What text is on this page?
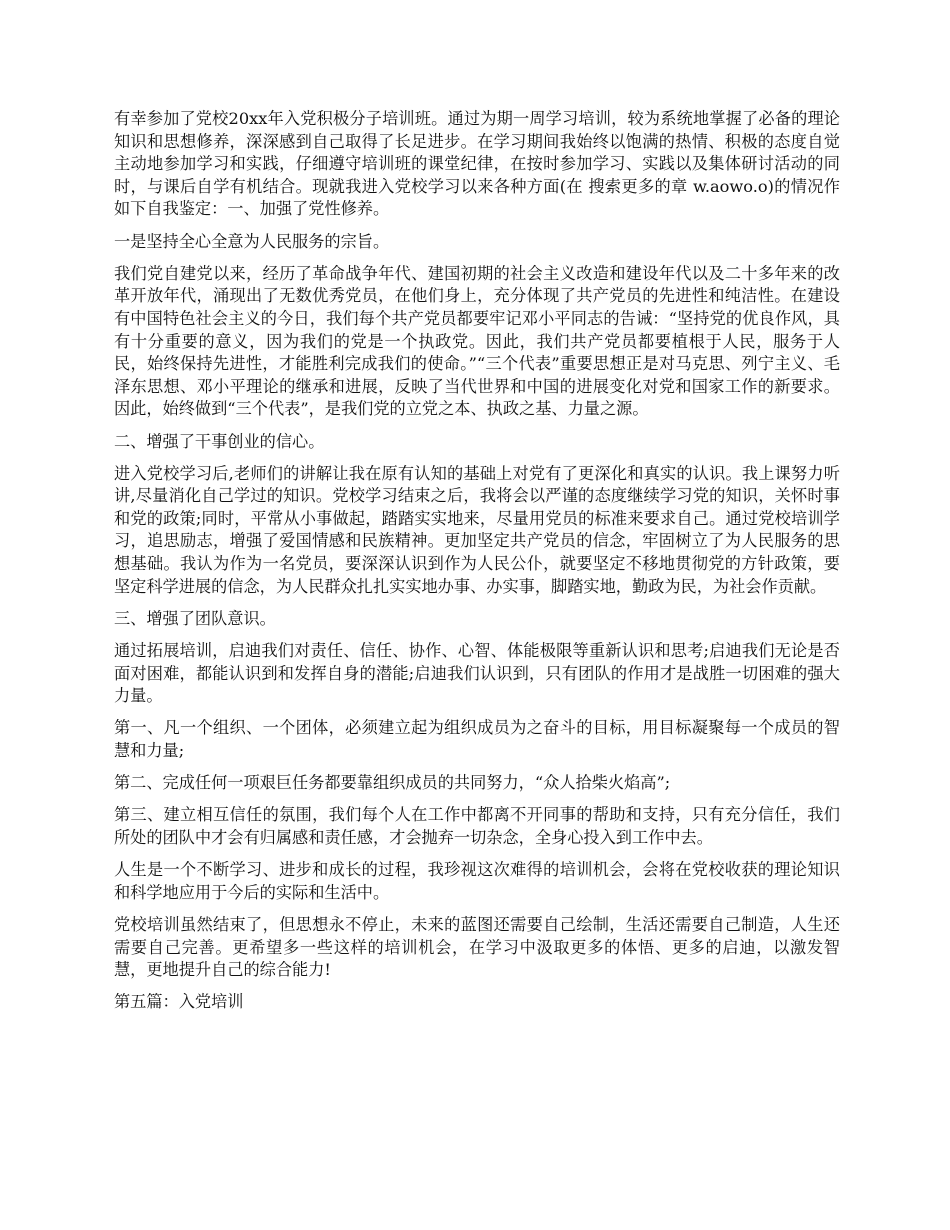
有幸参加了党校20xx年入党积极分子培训班。通过为期一周学习培训，较为系统地掌握了必备的理论知识和思想修养，深深感到自己取得了长足进步。在学习期间我始终以饱满的热情、积极的态度自觉主动地参加学习和实践，仔细遵守培训班的课堂纪律，在按时参加学习、实践以及集体研讨活动的同时，与课后自学有机结合。现就我进入党校学习以来各种方面(在 搜索更多的章 w.aowo.o)的情况作如下自我鉴定：一、加强了党性修养。

一是坚持全心全意为人民服务的宗旨。

我们党自建党以来，经历了革命战争年代、建国初期的社会主义改造和建设年代以及二十多年来的改革开放年代，涌现出了无数优秀党员，在他们身上，充分体现了共产党员的先进性和纯洁性。在建设有中国特色社会主义的今日，我们每个共产党员都要牢记邓小平同志的告诫：“坚持党的优良作风，具有十分重要的意义，因为我们的党是一个执政党。因此，我们共产党员都要植根于人民，服务于人民，始终保持先进性，才能胜利完成我们的使命。”“三个代表”重要思想正是对马克思、列宁主义、毛泽东思想、邓小平理论的继承和进展，反映了当代世界和中国的进展变化对党和国家工作的新要求。因此，始终做到“三个代表”，是我们党的立党之本、执政之基、力量之源。

二、增强了干事创业的信心。

进入党校学习后,老师们的讲解让我在原有认知的基础上对党有了更深化和真实的认识。我上课努力听讲,尽量消化自己学过的知识。党校学习结束之后，我将会以严谨的态度继续学习党的知识，关怀时事和党的政策;同时，平常从小事做起，踏踏实实地来，尽量用党员的标准来要求自己。通过党校培训学习，追思励志，增强了爱国情感和民族精神。更加坚定共产党员的信念，牢固树立了为人民服务的思想基础。我认为作为一名党员，要深深认识到作为人民公仆，就要坚定不移地贯彻党的方针政策，要坚定科学进展的信念，为人民群众扎扎实实地办事、办实事，脚踏实地，勤政为民，为社会作贡献。

三、增强了团队意识。

通过拓展培训，启迪我们对责任、信任、协作、心智、体能极限等重新认识和思考;启迪我们无论是否面对困难，都能认识到和发挥自身的潜能;启迪我们认识到，只有团队的作用才是战胜一切困难的强大力量。

第一、凡一个组织、一个团体，必须建立起为组织成员为之奋斗的目标，用目标凝聚每一个成员的智慧和力量;

第二、完成任何一项艰巨任务都要靠组织成员的共同努力，“众人拾柴火焰高”;

第三、建立相互信任的氛围，我们每个人在工作中都离不开同事的帮助和支持，只有充分信任，我们所处的团队中才会有归属感和责任感，才会抛弃一切杂念，全身心投入到工作中去。

人生是一个不断学习、进步和成长的过程，我珍视这次难得的培训机会，会将在党校收获的理论知识和科学地应用于今后的实际和生活中。

党校培训虽然结束了，但思想永不停止，未来的蓝图还需要自己绘制，生活还需要自己制造，人生还需要自己完善。更希望多一些这样的培训机会，在学习中汲取更多的体悟、更多的启迪，以激发智慧，更地提升自己的综合能力!

第五篇：入党培训
